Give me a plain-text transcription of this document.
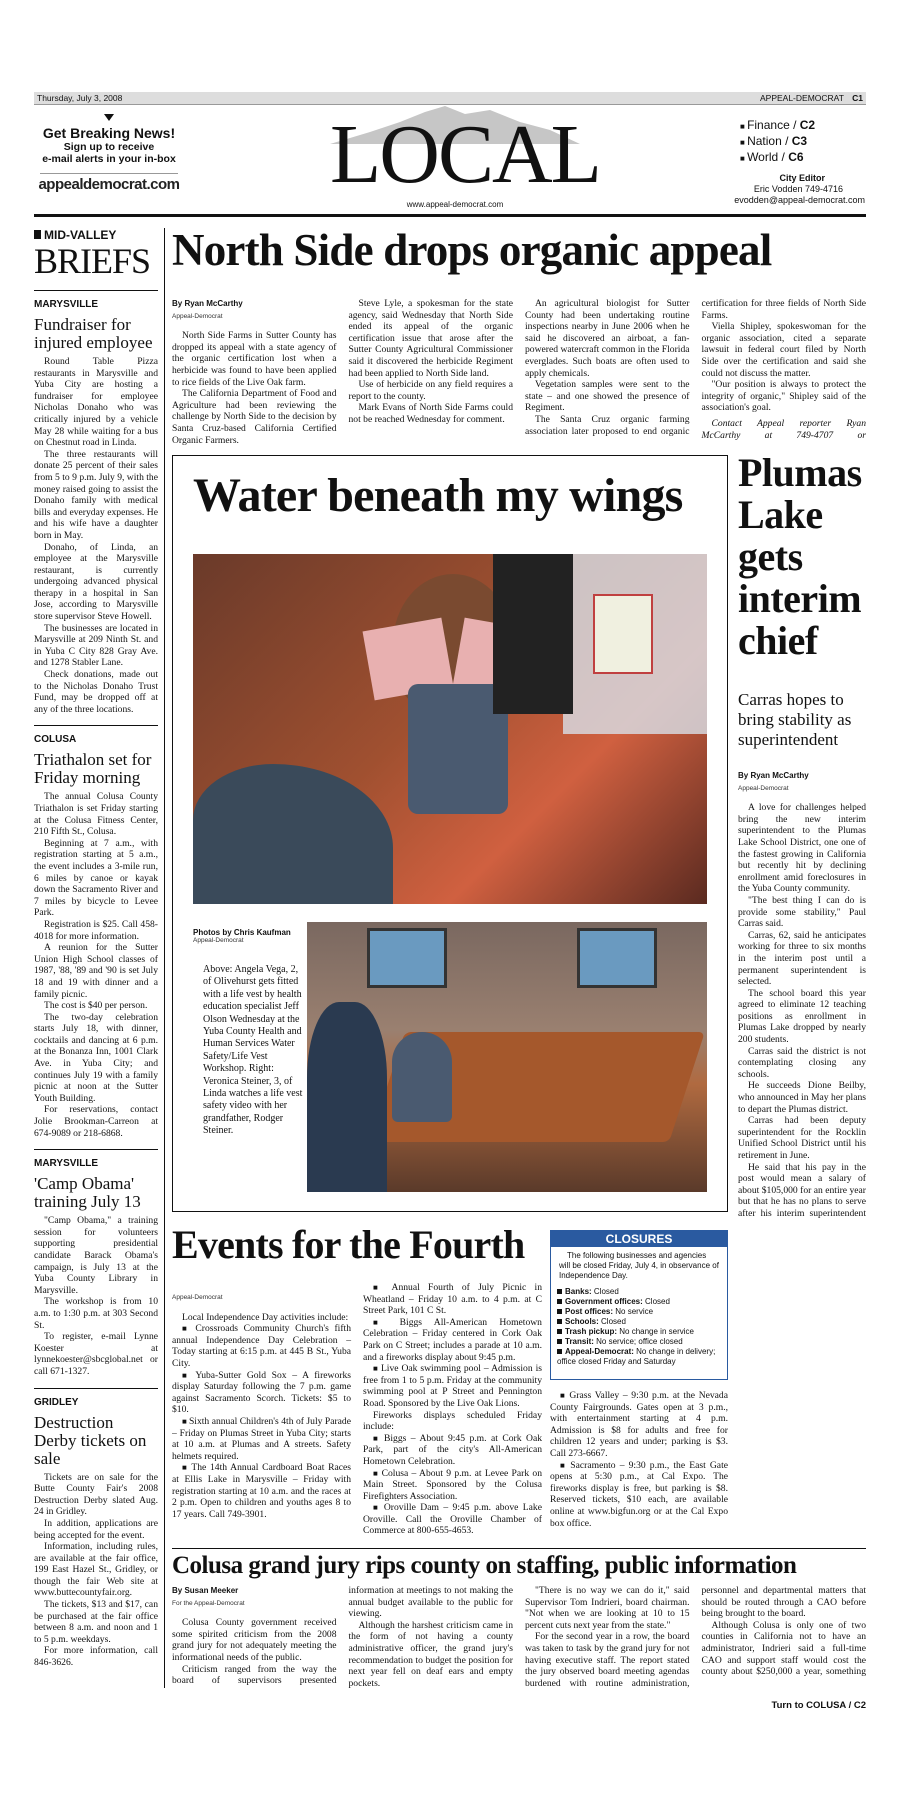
Thursday, July 3, 2008	APPEAL-DEMOCRAT C1
Get Breaking News!
Sign up to receive
e-mail alerts in your in-box
appealdemocrat.com LOCAL
www.appeal-democrat.com
■ Finance / C2
■ Nation / C3
■ World / C6
City Editor
Eric Vodden 749-4716
evodden@appeal-democrat.com
MID-VALLEY
BRIEFS
MARYSVILLE
Fundraiser for injured employee

Round Table Pizza restaurants in Marysville and Yuba City are hosting a fundraiser for employee Nicholas Donaho who was critically injured by a vehicle May 28 while waiting for a bus on Chestnut road in Linda.

The three restaurants will donate 25 percent of their sales from 5 to 9 p.m. July 9, with the money raised going to assist the Donaho family with medical bills and everyday expenses. He and his wife have a daughter born in May.

Donaho, of Linda, an employee at the Marysville restaurant, is currently undergoing advanced physical therapy in a hospital in San Jose, according to Marysville store supervisor Steve Howell.

The businesses are located in Marysville at 209 Ninth St. and in Yuba C City 828 Gray Ave. and 1278 Stabler Lane.

Check donations, made out to the Nicholas Donaho Trust Fund, may be dropped off at any of the three locations.

COLUSA
Triathalon set for Friday morning

The annual Colusa County Triathalon is set Friday starting at the Colusa Fitness Center, 210 Fifth St., Colusa.

Beginning at 7 a.m., with registration starting at 5 a.m., the event includes a 3-mile run, 6 miles by canoe or kayak down the Sacramento River and 7 miles by bicycle to Levee Park.

Registration is $25. Call 458-4018 for more information.

A reunion for the Sutter Union High School classes of 1987, '88, '89 and '90 is set July 18 and 19 with dinner and a family picnic.

The cost is $40 per person.

The two-day celebration starts July 18, with dinner, cocktails and dancing at 6 p.m. at the Bonanza Inn, 1001 Clark Ave. in Yuba City; and continues July 19 with a family picnic at noon at the Sutter Youth Building.

For reservations, contact Jolie Brookman-Carreon at 674-9089 or 218-6868.

MARYSVILLE
'Camp Obama' training July 13

"Camp Obama," a training session for volunteers supporting presidential candidate Barack Obama's campaign, is July 13 at the Yuba County Library in Marysville.

The workshop is from 10 a.m. to 1:30 p.m. at 303 Second St.

To register, e-mail Lynne Koester at lynnekoester@sbcglobal.net or call 671-1327.

GRIDLEY
Destruction Derby tickets on sale

Tickets are on sale for the Butte County Fair's 2008 Destruction Derby slated Aug. 24 in Gridley.

In addition, applications are being accepted for the event.

Information, including rules, are available at the fair office, 199 East Hazel St., Gridley, or though the fair Web site at www.buttecountyfair.org.

The tickets, $13 and $17, can be purchased at the fair office between 8 a.m. and noon and 1 to 5 p.m. weekdays.

For more information, call 846-3626.

North Side drops organic appeal
By Ryan McCarthy
Appeal-Democrat

North Side Farms in Sutter County has dropped its appeal with a state agency of the organic certification lost when a herbicide was found to have been applied to rice fields of the Live Oak farm.

The California Department of Food and Agriculture had been reviewing the challenge by North Side to the decision by Santa Cruz-based California Certified Organic Farmers.

Steve Lyle, a spokesman for the state agency, said Wednesday that North Side ended its appeal of the organic certification issue that arose after the Sutter County Agricultural Commissioner said it discovered the herbicide Regiment had been applied to North Side land.

Use of herbicide on any field requires a report to the county.

Mark Evans of North Side Farms could not be reached Wednesday for comment.

An agricultural biologist for Sutter County had been undertaking routine inspections nearby in June 2006 when he said he discovered an airboat, a fan-powered watercraft common in the Florida everglades. Such boats are often used to apply chemicals.

Vegetation samples were sent to the state – and one showed the presence of Regiment.

The Santa Cruz organic farming association later proposed to end organic certification for three fields of North Side Farms.

Viella Shipley, spokeswoman for the organic association, cited a separate lawsuit in federal court filed by North Side over the certification and said she could not discuss the matter.

"Our position is always to protect the integrity of organic," Shipley said of the association's goal.

Contact Appeal reporter Ryan McCarthy at 749-4707 or

Water beneath my wings
Photos by Chris Kaufman
Appeal-Democrat
Above: Angela Vega, 2, of Olivehurst gets fitted with a life vest by health education specialist Jeff Olson Wednesday at the Yuba County Health and Human Services Water Safety/Life Vest Workshop. Right: Veronica Steiner, 3, of Linda watches a life vest safety video with her grandfather, Rodger Steiner.
Plumas Lake gets interim chief
Carras hopes to bring stability as superintendent
By Ryan McCarthy
Appeal-Democrat

A love for challenges helped bring the new interim superintendent to the Plumas Lake School District, one one of the fastest growing in California but recently hit by declining enrollment amid foreclosures in the Yuba County community.

"The best thing I can do is provide some stability," Paul Carras said.

Carras, 62, said he anticipates working for three to six months in the interim post until a permanent superintendent is selected.

The school board this year agreed to eliminate 12 teaching positions as enrollment in Plumas Lake dropped by nearly 200 students.

Carras said the district is not contemplating closing any schools.

He succeeds Dione Beilby, who announced in May her plans to depart the Plumas district.

Carras had been deputy superintendent for the Rocklin Unified School District until his retirement in June.

He said that his pay in the post would mean a salary of about $105,000 for an entire year but that he has no plans to serve after his interim superintendent

Events for the Fourth
Appeal-Democrat

Local Independence Day activities include:

■ Crossroads Community Church's fifth annual Independence Day Celebration – Today starting at 6:15 p.m. at 445 B St., Yuba City.

■ Yuba-Sutter Gold Sox – A fireworks display Saturday following the 7 p.m. game against Sacramento Scorch. Tickets: $5 to $10.

■ Sixth annual Children's 4th of July Parade – Friday on Plumas Street in Yuba City; starts at 10 a.m. at Plumas and A streets. Safety helmets required.

■ The 14th Annual Cardboard Boat Races at Ellis Lake in Marysville – Friday with registration starting at 10 a.m. and the races at 2 p.m. Open to children and youths ages 8 to 17 years. Call 749-3901.

■ Annual Fourth of July Picnic in Wheatland – Friday 10 a.m. to 4 p.m. at C Street Park, 101 C St.

■ Biggs All-American Hometown Celebration – Friday centered in Cork Oak Park on C Street; includes a parade at 10 a.m. and a fireworks display about 9:45 p.m.

■ Live Oak swimming pool – Admission is free from 1 to 5 p.m. Friday at the community swimming pool at P Street and Pennington Road. Sponsored by the Live Oak Lions.

Fireworks displays scheduled Friday include:

■ Biggs – About 9:45 p.m. at Cork Oak Park, part of the city's All-American Hometown Celebration.

■ Colusa – About 9 p.m. at Levee Park on Main Street. Sponsored by the Colusa Firefighters Association.

■ Oroville Dam – 9:45 p.m. above Lake Oroville. Call the Oroville Chamber of Commerce at 800-655-4653.

CLOSURES
The following businesses and agencies will be closed Friday, July 4, in observance of Independence Day.
Banks: Closed
Government offices: Closed
Post offices: No service
Schools: Closed
Trash pickup: No change in service
Transit: No service; office closed
Appeal-Democrat: No change in delivery; office closed Friday and Saturday

■ Grass Valley – 9:30 p.m. at the Nevada County Fairgrounds. Gates open at 3 p.m., with entertainment starting at 4 p.m. Admission is $8 for adults and free for children 12 years and under; parking is $3. Call 273-6667.

■ Sacramento – 9:30 p.m., the East Gate opens at 5:30 p.m., at Cal Expo. The fireworks display is free, but parking is $8. Reserved tickets, $10 each, are available online at www.bigfun.org or at the Cal Expo box office.

Colusa grand jury rips county on staffing, public information
By Susan Meeker
For the Appeal-Democrat

Colusa County government received some spirited criticism from the 2008 grand jury for not adequately meeting the informational needs of the public.

Criticism ranged from the way the board of supervisors presented information at meetings to not making the annual budget available to the public for viewing.

Although the harshest criticism came in the form of not having a county administrative officer, the grand jury's recommendation to budget the position for next year fell on deaf ears and empty pockets.

"There is no way we can do it," said Supervisor Tom Indrieri, board chairman. "Not when we are looking at 10 to 15 percent cuts next year from the state."

For the second year in a row, the board was taken to task by the grand jury for not having executive staff. The report stated the jury observed board meeting agendas burdened with routine administration, personnel and departmental matters that should be routed through a CAO before being brought to the board.

Although Colusa is only one of two counties in California not to have an administrator, Indrieri said a full-time CAO and support staff would cost the county about $250,000 a year, something

Turn to COLUSA / C2
